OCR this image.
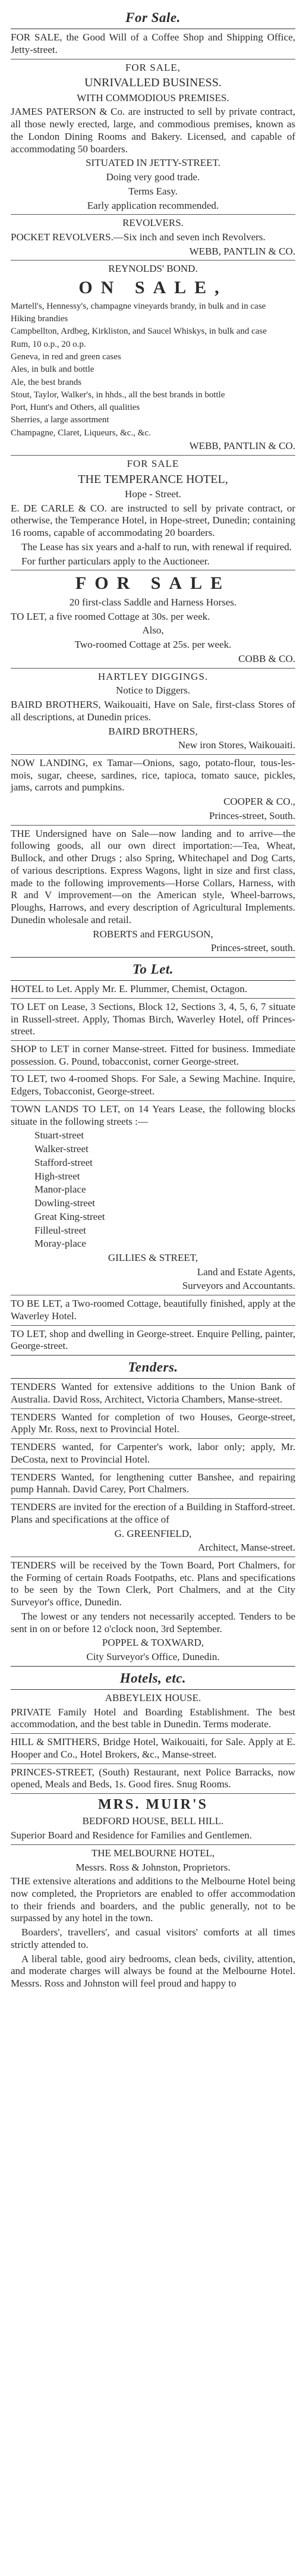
For Sale.

FOR SALE, the Good Will of a Coffee Shop and Shipping Office, Jetty-street.

FOR SALE,

UNRIVALLED BUSINESS.

WITH COMMODIOUS PREMISES.

JAMES PATERSON & Co. are instructed to sell by private contract, all those newly erected, large, and commodious premises, known as the London Dining Rooms and Bakery. Licensed, and capable of accommodating 50 boarders.

SITUATED IN JETTY-STREET.

Doing very good trade.

Terms Easy.

Early application recommended.

REVOLVERS.

POCKET REVOLVERS.—Six inch and seven inch Revolvers.

WEBB, PANTLIN & CO.

REYNOLDS' BOND.

ON SALE,

Martell's, Hennessy's, champagne vineyards brandy, in bulk and in case

Hiking brandies

Campbellton, Ardbeg, Kirkliston, and Saucel Whiskys, in bulk and case

Rum, 10 o.p., 20 o.p.

Geneva, in red and green cases

Ales, in bulk and bottle

Ale, the best brands

Stout, Taylor, Walker's, in hhds., all the best brands in bottle

Port, Hunt's and Others, all qualities

Sherries, a large assortment

Champagne, Claret, Liqueurs, &c., &c.

WEBB, PANTLIN & CO.

FOR SALE

THE TEMPERANCE HOTEL,

Hope - Street.

E. DE CARLE & CO. are instructed to sell by private contract, or otherwise, the Temperance Hotel, in Hope-street, Dunedin; containing 16 rooms, capable of accommodating 20 boarders.

The Lease has six years and a-half to run, with renewal if required.

For further particulars apply to the Auctioneer.

FOR SALE

20 first-class Saddle and Harness Horses.

TO LET, a five roomed Cottage at 30s. per week.

Also,

Two-roomed Cottage at 25s. per week.

COBB & CO.

HARTLEY DIGGINGS.

Notice to Diggers.

BAIRD BROTHERS, Waikouaiti, Have on Sale, first-class Stores of all descriptions, at Dunedin prices.

BAIRD BROTHERS,

New iron Stores, Waikouaiti.

NOW LANDING, ex Tamar—Onions, sago, potato-flour, tous-les-mois, sugar, cheese, sardines, rice, tapioca, tomato sauce, pickles, jams, carrots and pumpkins.

COOPER & CO.,

Princes-street, South.

THE Undersigned have on Sale—now landing and to arrive—the following goods, all our own direct importation:—Tea, Wheat, Bullock, and other Drugs ; also Spring, Whitechapel and Dog Carts, of various descriptions. Express Wagons, light in size and first class, made to the following improvements—Horse Collars, Harness, with R and V improvement—on the American style, Wheel-barrows, Ploughs, Harrows, and every description of Agricultural Implements. Dunedin wholesale and retail.

ROBERTS and FERGUSON,

Princes-street, south.

To Let.

HOTEL to Let. Apply Mr. E. Plummer, Chemist, Octagon.

TO LET on Lease, 3 Sections, Block 12, Sections 3, 4, 5, 6, 7 situate in Russell-street. Apply, Thomas Birch, Waverley Hotel, off Princes-street.

SHOP to LET in corner Manse-street. Fitted for business. Immediate possession. G. Pound, tobacconist, corner George-street.

TO LET, two 4-roomed Shops. For Sale, a Sewing Machine. Inquire, Edgers, Tobacconist, George-street.

TOWN LANDS TO LET, on 14 Years Lease, the following blocks situate in the following streets :—

Stuart-street
Walker-street
Stafford-street
High-street
Manor-place
Dowling-street
Great King-street
Filleul-street
Moray-place

GILLIES & STREET,

Land and Estate Agents,

Surveyors and Accountants.

TO BE LET, a Two-roomed Cottage, beautifully finished, apply at the Waverley Hotel.

TO LET, shop and dwelling in George-street. Enquire Pelling, painter, George-street.

Tenders.

TENDERS Wanted for extensive additions to the Union Bank of Australia. David Ross, Architect, Victoria Chambers, Manse-street.

TENDERS Wanted for completion of two Houses, George-street, Apply Mr. Ross, next to Provincial Hotel.

TENDERS wanted, for Carpenter's work, labor only; apply, Mr. DeCosta, next to Provincial Hotel.

TENDERS Wanted, for lengthening cutter Banshee, and repairing pump Hannah. David Carey, Port Chalmers.

TENDERS are invited for the erection of a Building in Stafford-street. Plans and specifications at the office of

G. GREENFIELD,

Architect, Manse-street.

TENDERS will be received by the Town Board, Port Chalmers, for the Forming of certain Roads Footpaths, etc. Plans and specifications to be seen by the Town Clerk, Port Chalmers, and at the City Surveyor's office, Dunedin.

The lowest or any tenders not necessarily accepted. Tenders to be sent in on or before 12 o'clock noon, 3rd September.

POPPEL & TOXWARD,

City Surveyor's Office, Dunedin.

Hotels, etc.

ABBEYLEIX HOUSE.

PRIVATE Family Hotel and Boarding Establishment. The best accommodation, and the best table in Dunedin. Terms moderate.

HILL & SMITHERS, Bridge Hotel, Waikouaiti, for Sale. Apply at E. Hooper and Co., Hotel Brokers, &c., Manse-street.

PRINCES-STREET, (South) Restaurant, next Police Barracks, now opened, Meals and Beds, 1s. Good fires. Snug Rooms.

MRS. MUIR'S

BEDFORD HOUSE, BELL HILL.

Superior Board and Residence for Families and Gentlemen.

THE MELBOURNE HOTEL,

Messrs. Ross & Johnston, Proprietors.

THE extensive alterations and additions to the Melbourne Hotel being now completed, the Proprietors are enabled to offer accommodation to their friends and boarders, and the public generally, not to be surpassed by any hotel in the town.

Boarders', travellers', and casual visitors' comforts at all times strictly attended to.

A liberal table, good airy bedrooms, clean beds, civility, attention, and moderate charges will always be found at the Melbourne Hotel. Messrs. Ross and Johnston will feel proud and happy to
